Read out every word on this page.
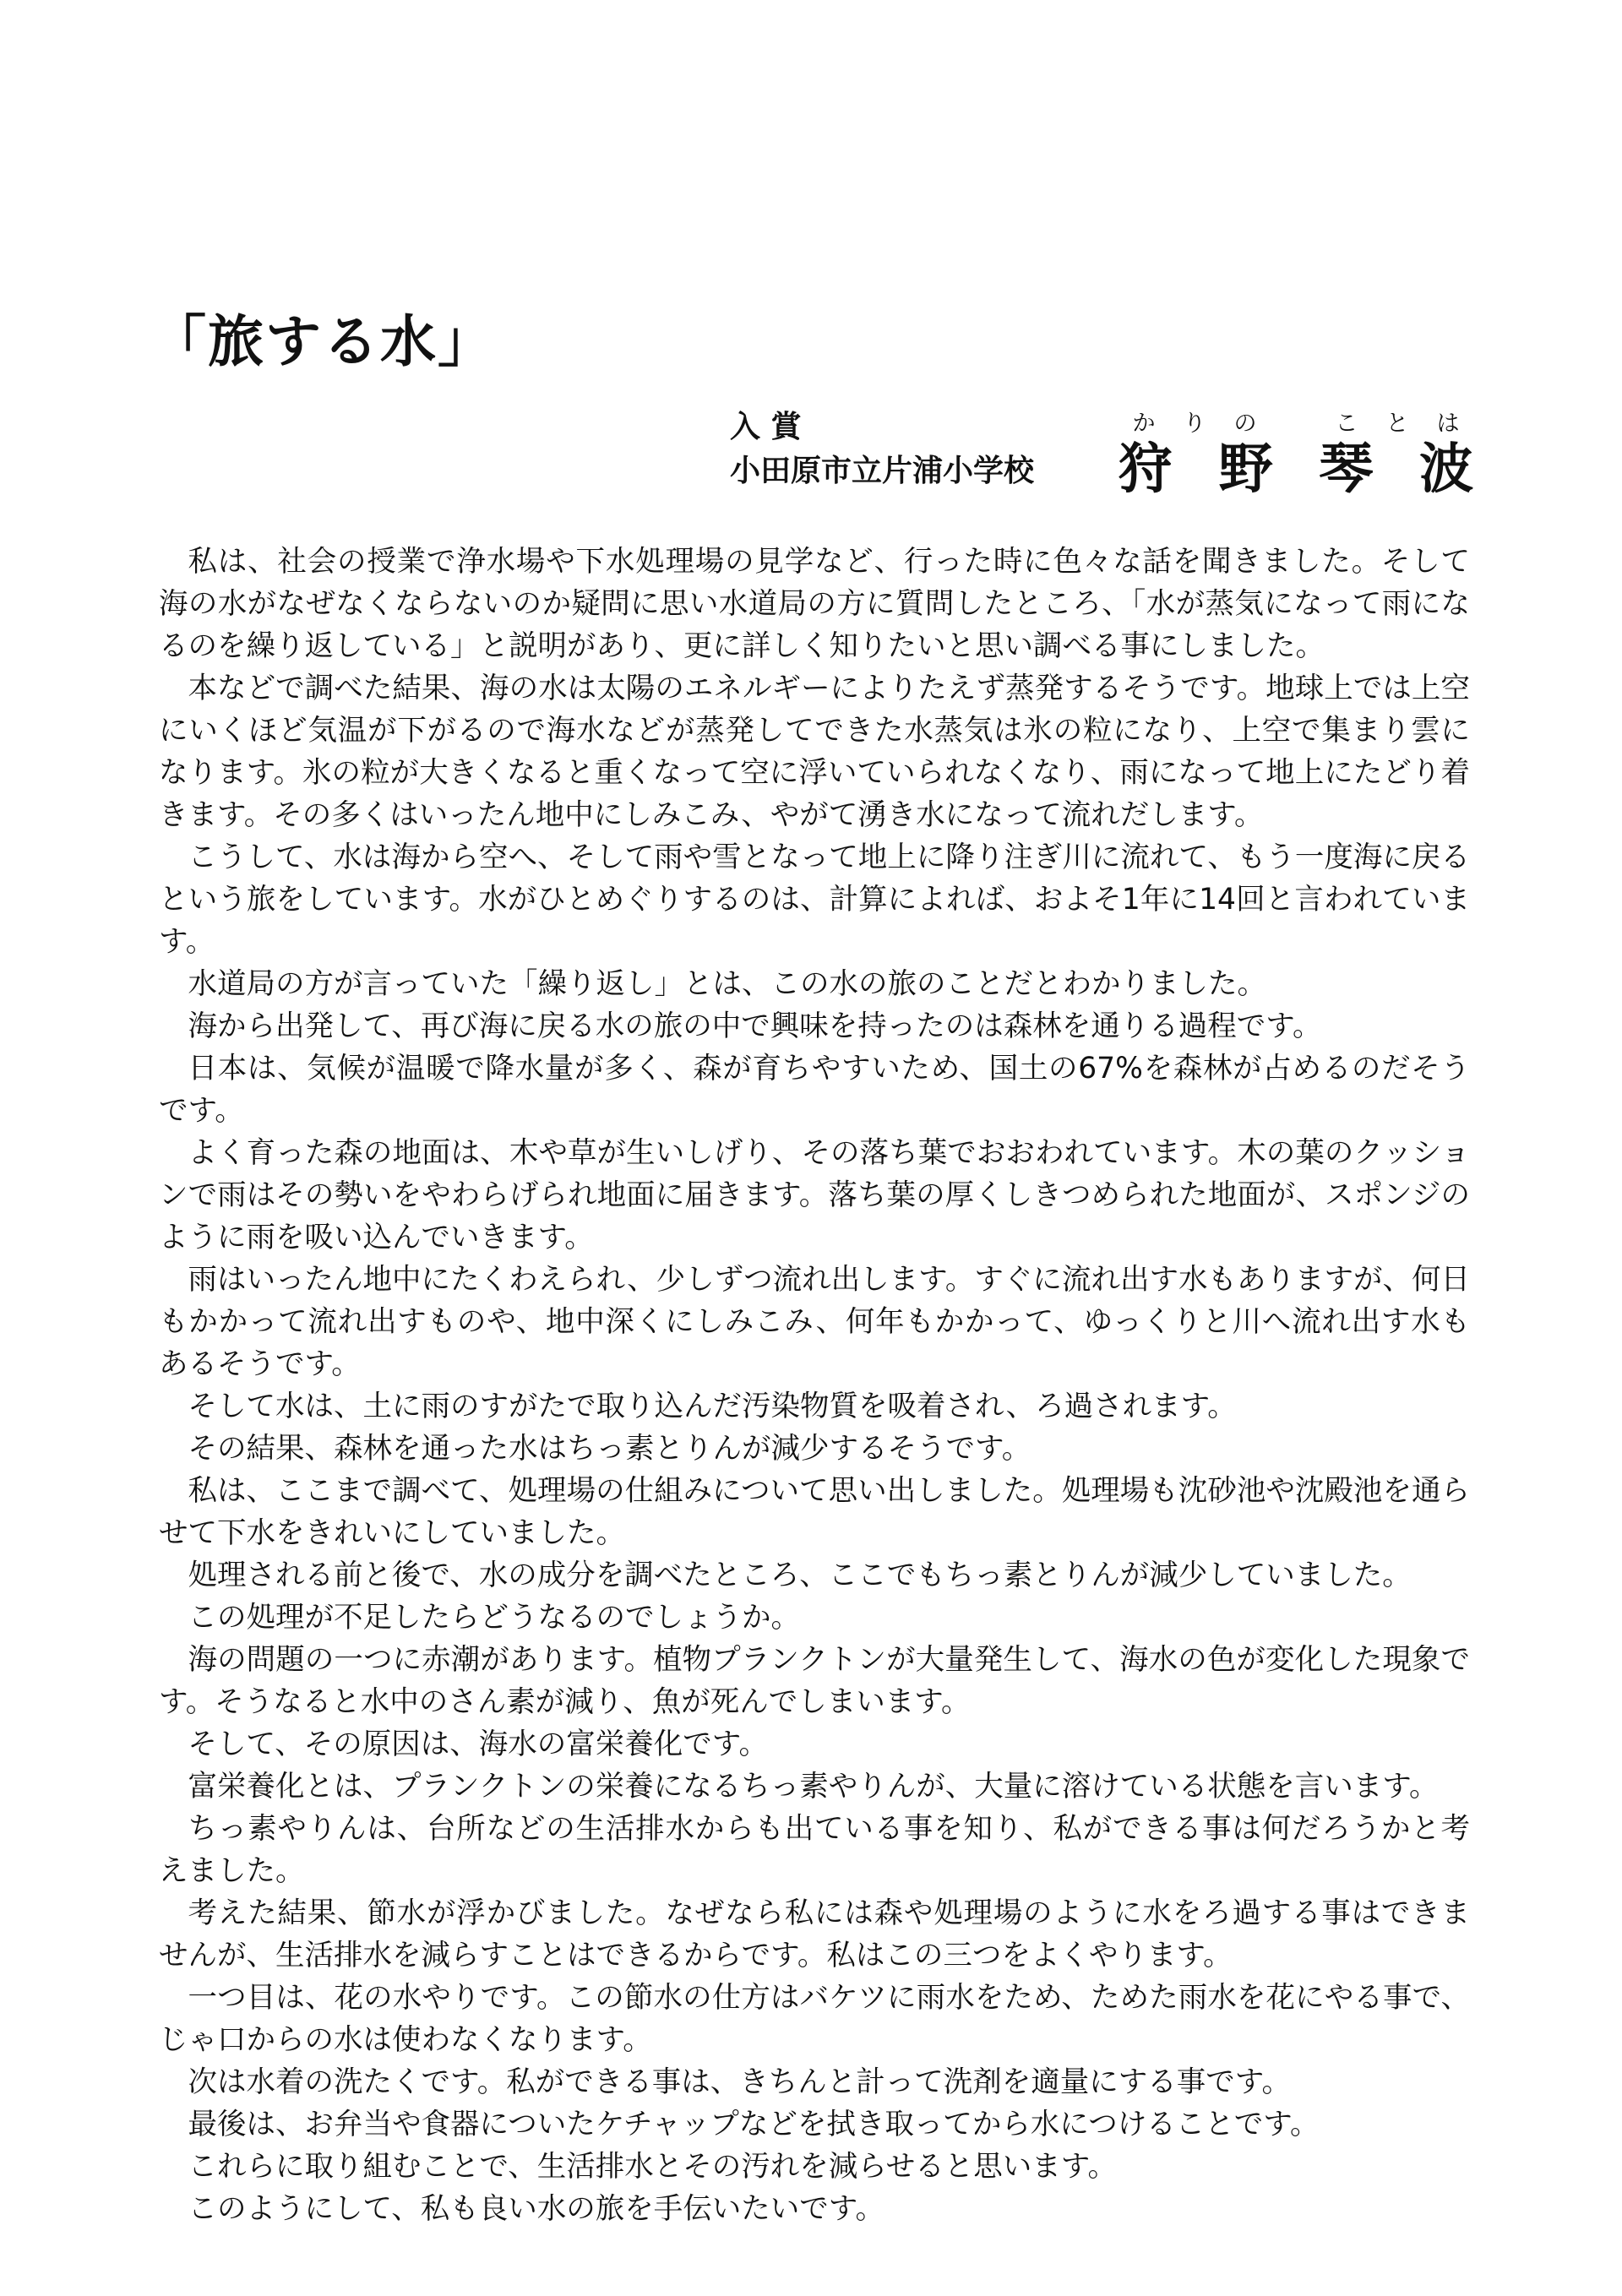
「旅する水」
入 賞
小田原市立片浦小学校
か り の	こ と は
狩 野 琴 波

私は、社会の授業で浄水場や下水処理場の見学など、行った時に色々な話を聞きました。そして海の水がなぜなくならないのか疑問に思い水道局の方に質問したところ、「水が蒸気になって雨になるのを繰り返している」と説明があり、更に詳しく知りたいと思い調べる事にしました。

本などで調べた結果、海の水は太陽のエネルギーによりたえず蒸発するそうです。地球上では上空にいくほど気温が下がるので海水などが蒸発してできた水蒸気は氷の粒になり、上空で集まり雲になります。氷の粒が大きくなると重くなって空に浮いていられなくなり、雨になって地上にたどり着きます。その多くはいったん地中にしみこみ、やがて湧き水になって流れだします。

こうして、水は海から空へ、そして雨や雪となって地上に降り注ぎ川に流れて、もう一度海に戻るという旅をしています。水がひとめぐりするのは、計算によれば、およそ1年に14回と言われています。

水道局の方が言っていた「繰り返し」とは、この水の旅のことだとわかりました。

海から出発して、再び海に戻る水の旅の中で興味を持ったのは森林を通りる過程です。

日本は、気候が温暖で降水量が多く、森が育ちやすいため、国土の67%を森林が占めるのだそうです。

よく育った森の地面は、木や草が生いしげり、その落ち葉でおおわれています。木の葉のクッションで雨はその勢いをやわらげられ地面に届きます。落ち葉の厚くしきつめられた地面が、スポンジのように雨を吸い込んでいきます。

雨はいったん地中にたくわえられ、少しずつ流れ出します。すぐに流れ出す水もありますが、何日もかかって流れ出すものや、地中深くにしみこみ、何年もかかって、ゆっくりと川へ流れ出す水もあるそうです。

そして水は、土に雨のすがたで取り込んだ汚染物質を吸着され、ろ過されます。

その結果、森林を通った水はちっ素とりんが減少するそうです。

私は、ここまで調べて、処理場の仕組みについて思い出しました。処理場も沈砂池や沈殿池を通らせて下水をきれいにしていました。

処理される前と後で、水の成分を調べたところ、ここでもちっ素とりんが減少していました。

この処理が不足したらどうなるのでしょうか。

海の問題の一つに赤潮があります。植物プランクトンが大量発生して、海水の色が変化した現象です。そうなると水中のさん素が減り、魚が死んでしまいます。

そして、その原因は、海水の富栄養化です。

富栄養化とは、プランクトンの栄養になるちっ素やりんが、大量に溶けている状態を言います。

ちっ素やりんは、台所などの生活排水からも出ている事を知り、私ができる事は何だろうかと考えました。

考えた結果、節水が浮かびました。なぜなら私には森や処理場のように水をろ過する事はできませんが、生活排水を減らすことはできるからです。私はこの三つをよくやります。

一つ目は、花の水やりです。この節水の仕方はバケツに雨水をため、ためた雨水を花にやる事で、じゃ口からの水は使わなくなります。

次は水着の洗たくです。私ができる事は、きちんと計って洗剤を適量にする事です。

最後は、お弁当や食器についたケチャップなどを拭き取ってから水につけることです。

これらに取り組むことで、生活排水とその汚れを減らせると思います。

このようにして、私も良い水の旅を手伝いたいです。
